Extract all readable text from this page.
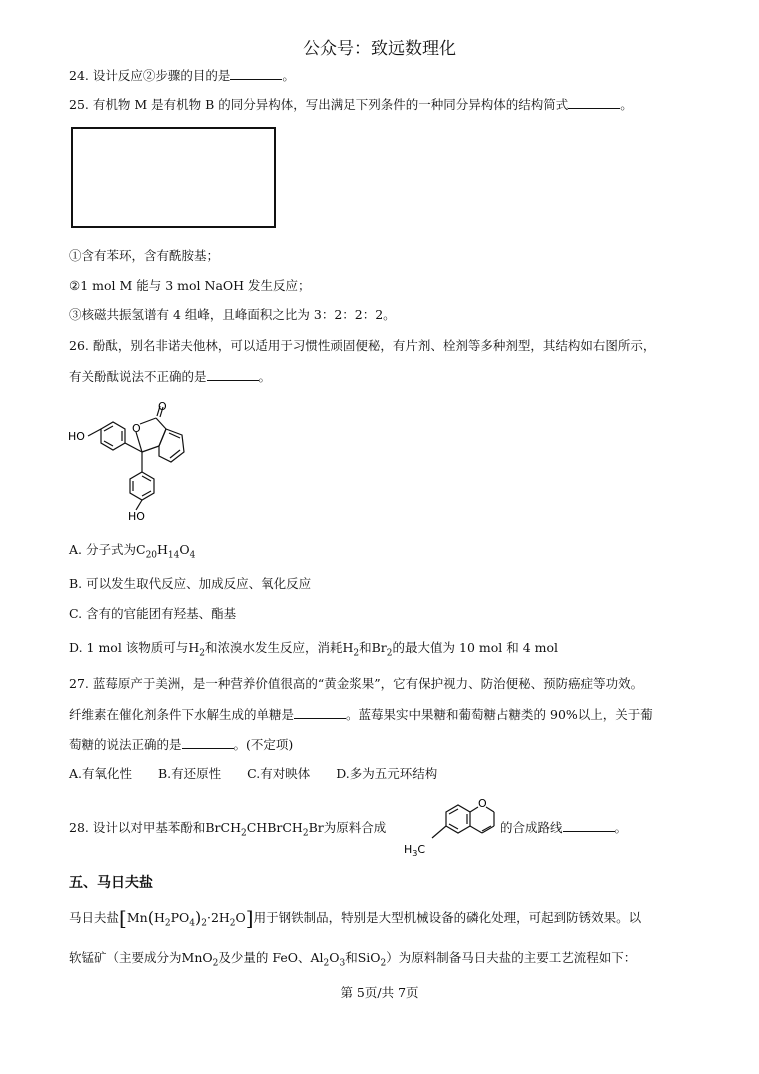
公众号：致远数理化
24. 设计反应②步骤的目的是	。
25. 有机物 M 是有机物 B 的同分异构体，写出满足下列条件的一种同分异构体的结构简式	。
①含有苯环，含有酰胺基；
②1 mol M 能与 3 mol NaOH 发生反应；
③核磁共振氢谱有 4 组峰，且峰面积之比为 3：2：2：2。
26. 酚酞，别名非诺夫他林，可以适用于习惯性顽固便秘，有片剂、栓剂等多种剂型，其结构如右图所示，
有关酚酞说法不正确的是	。
HO
HO
O
O
A. 分子式为$C_{20}H_{14}O_4$
B. 可以发生取代反应、加成反应、氧化反应
C. 含有的官能团有羟基、酯基
D. 1 mol 该物质可与$H_2$和浓溴水发生反应，消耗$H_2$和$Br_2$的最大值为 10 mol 和 4 mol
27. 蓝莓原产于美洲，是一种营养价值很高的“黄金浆果”，它有保护视力、防治便秘、预防癌症等功效。
纤维素在催化剂条件下水解生成的单糖是	。蓝莓果实中果糖和葡萄糖占糖类的 90%以上，关于葡
萄糖的说法正确的是	。(不定项)
A.有氧化性 B.有还原性 C.有对映体 D.多为五元环结构
28. 设计以对甲基苯酚和BrCH$_2$CHBrCH$_2$Br为原料合成
O
$H_3C$
的合成路线	。
五、马日夫盐
马日夫盐$[Mn(H_2PO_4)_2\cdot 2H_2O]$用于钢铁制品，特别是大型机械设备的磷化处理，可起到防锈效果。以
软锰矿（主要成分为MnO$_2$及少量的 FeO、$Al_2O_3$和SiO$_2$）为原料制备马日夫盐的主要工艺流程如下：
第 5页/共 7页
